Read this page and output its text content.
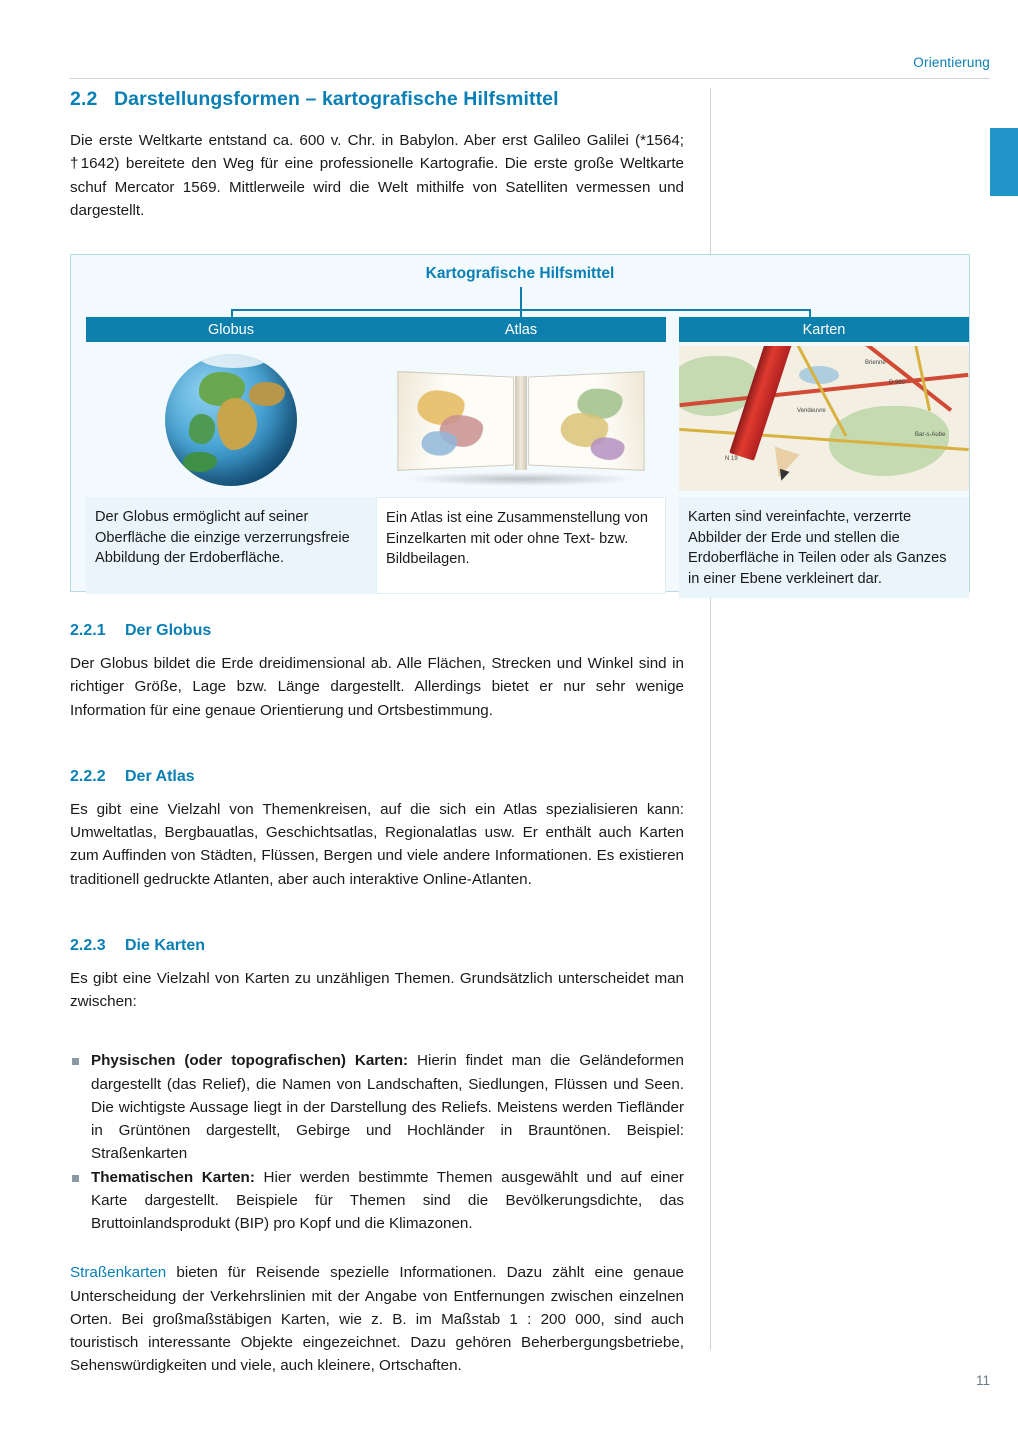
Orientierung
2.2 Darstellungsformen – kartografische Hilfsmittel

Die erste Weltkarte entstand ca. 600 v. Chr. in Babylon. Aber erst Galileo Galilei (*1564; †1642) bereitete den Weg für eine professionelle Kartografie. Die erste große Weltkarte schuf Mercator 1569. Mittlerweile wird die Welt mithilfe von Satelliten vermessen und dargestellt.

Kartografische Hilfsmittel
Globus
Der Globus ermöglicht auf seiner Oberfläche die einzige verzerrungsfreie Abbildung der Erdoberfläche.
Atlas
Ein Atlas ist eine Zusammenstellung von Einzelkarten mit oder ohne Text- bzw. Bildbeilagen.
Karten
Brienne
D 960
Vendeuvre
Bar-s-Aube
N 19
Karten sind vereinfachte, verzerrte Abbilder der Erde und stellen die Erdoberfläche in Teilen oder als Ganzes in einer Ebene verkleinert dar.
2.2.1 Der Globus

Der Globus bildet die Erde dreidimensional ab. Alle Flächen, Strecken und Winkel sind in richtiger Größe, Lage bzw. Länge dargestellt. Allerdings bietet er nur sehr wenige Information für eine genaue Orientierung und Ortsbestimmung.

2.2.2 Der Atlas

Es gibt eine Vielzahl von Themenkreisen, auf die sich ein Atlas spezialisieren kann: Umweltatlas, Bergbauatlas, Geschichtsatlas, Regionalatlas usw. Er enthält auch Karten zum Auffinden von Städten, Flüssen, Bergen und viele andere Informationen. Es existieren traditionell gedruckte Atlanten, aber auch interaktive Online-Atlanten.

2.2.3 Die Karten

Es gibt eine Vielzahl von Karten zu unzähligen Themen. Grundsätzlich unterscheidet man zwischen:

Physischen (oder topografischen) Karten: Hierin findet man die Geländeformen dargestellt (das Relief), die Namen von Landschaften, Siedlungen, Flüssen und Seen. Die wichtigste Aussage liegt in der Darstellung des Reliefs. Meistens werden Tiefländer in Grüntönen dargestellt, Gebirge und Hochländer in Brauntönen. Beispiel: Straßenkarten
Thematischen Karten: Hier werden bestimmte Themen ausgewählt und auf einer Karte dargestellt. Beispiele für Themen sind die Bevölkerungsdichte, das Bruttoinlandsprodukt (BIP) pro Kopf und die Klimazonen.

Straßenkarten bieten für Reisende spezielle Informationen. Dazu zählt eine genaue Unterscheidung der Verkehrslinien mit der Angabe von Entfernungen zwischen einzelnen Orten. Bei großmaßstäbigen Karten, wie z. B. im Maßstab 1 : 200 000, sind auch touristisch interessante Objekte eingezeichnet. Dazu gehören Beherbergungsbetriebe, Sehenswürdigkeiten und viele, auch kleinere, Ortschaften.

11
